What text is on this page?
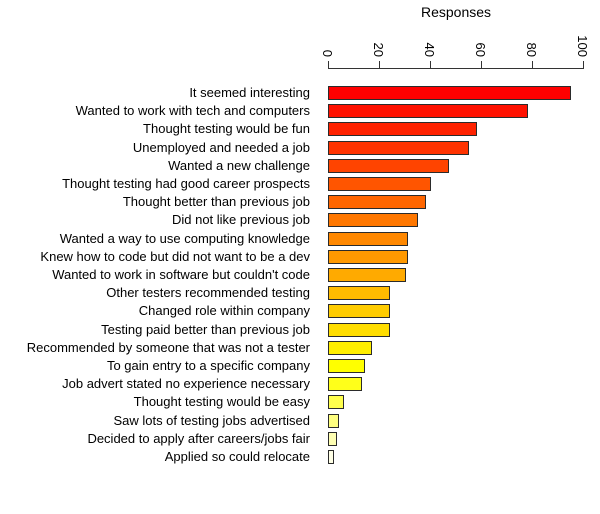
Responses
0	20	40	60	80	100
It seemed interesting
Wanted to work with tech and computers
Thought testing would be fun
Unemployed and needed a job
Wanted a new challenge
Thought testing had good career prospects
Thought better than previous job
Did not like previous job
Wanted a way to use computing knowledge
Knew how to code but did not want to be a dev
Wanted to work in software but couldn't code
Other testers recommended testing
Changed role within company
Testing paid better than previous job
Recommended by someone that was not a tester
To gain entry to a specific company
Job advert stated no experience necessary
Thought testing would be easy
Saw lots of testing jobs advertised
Decided to apply after careers/jobs fair
Applied so could relocate
